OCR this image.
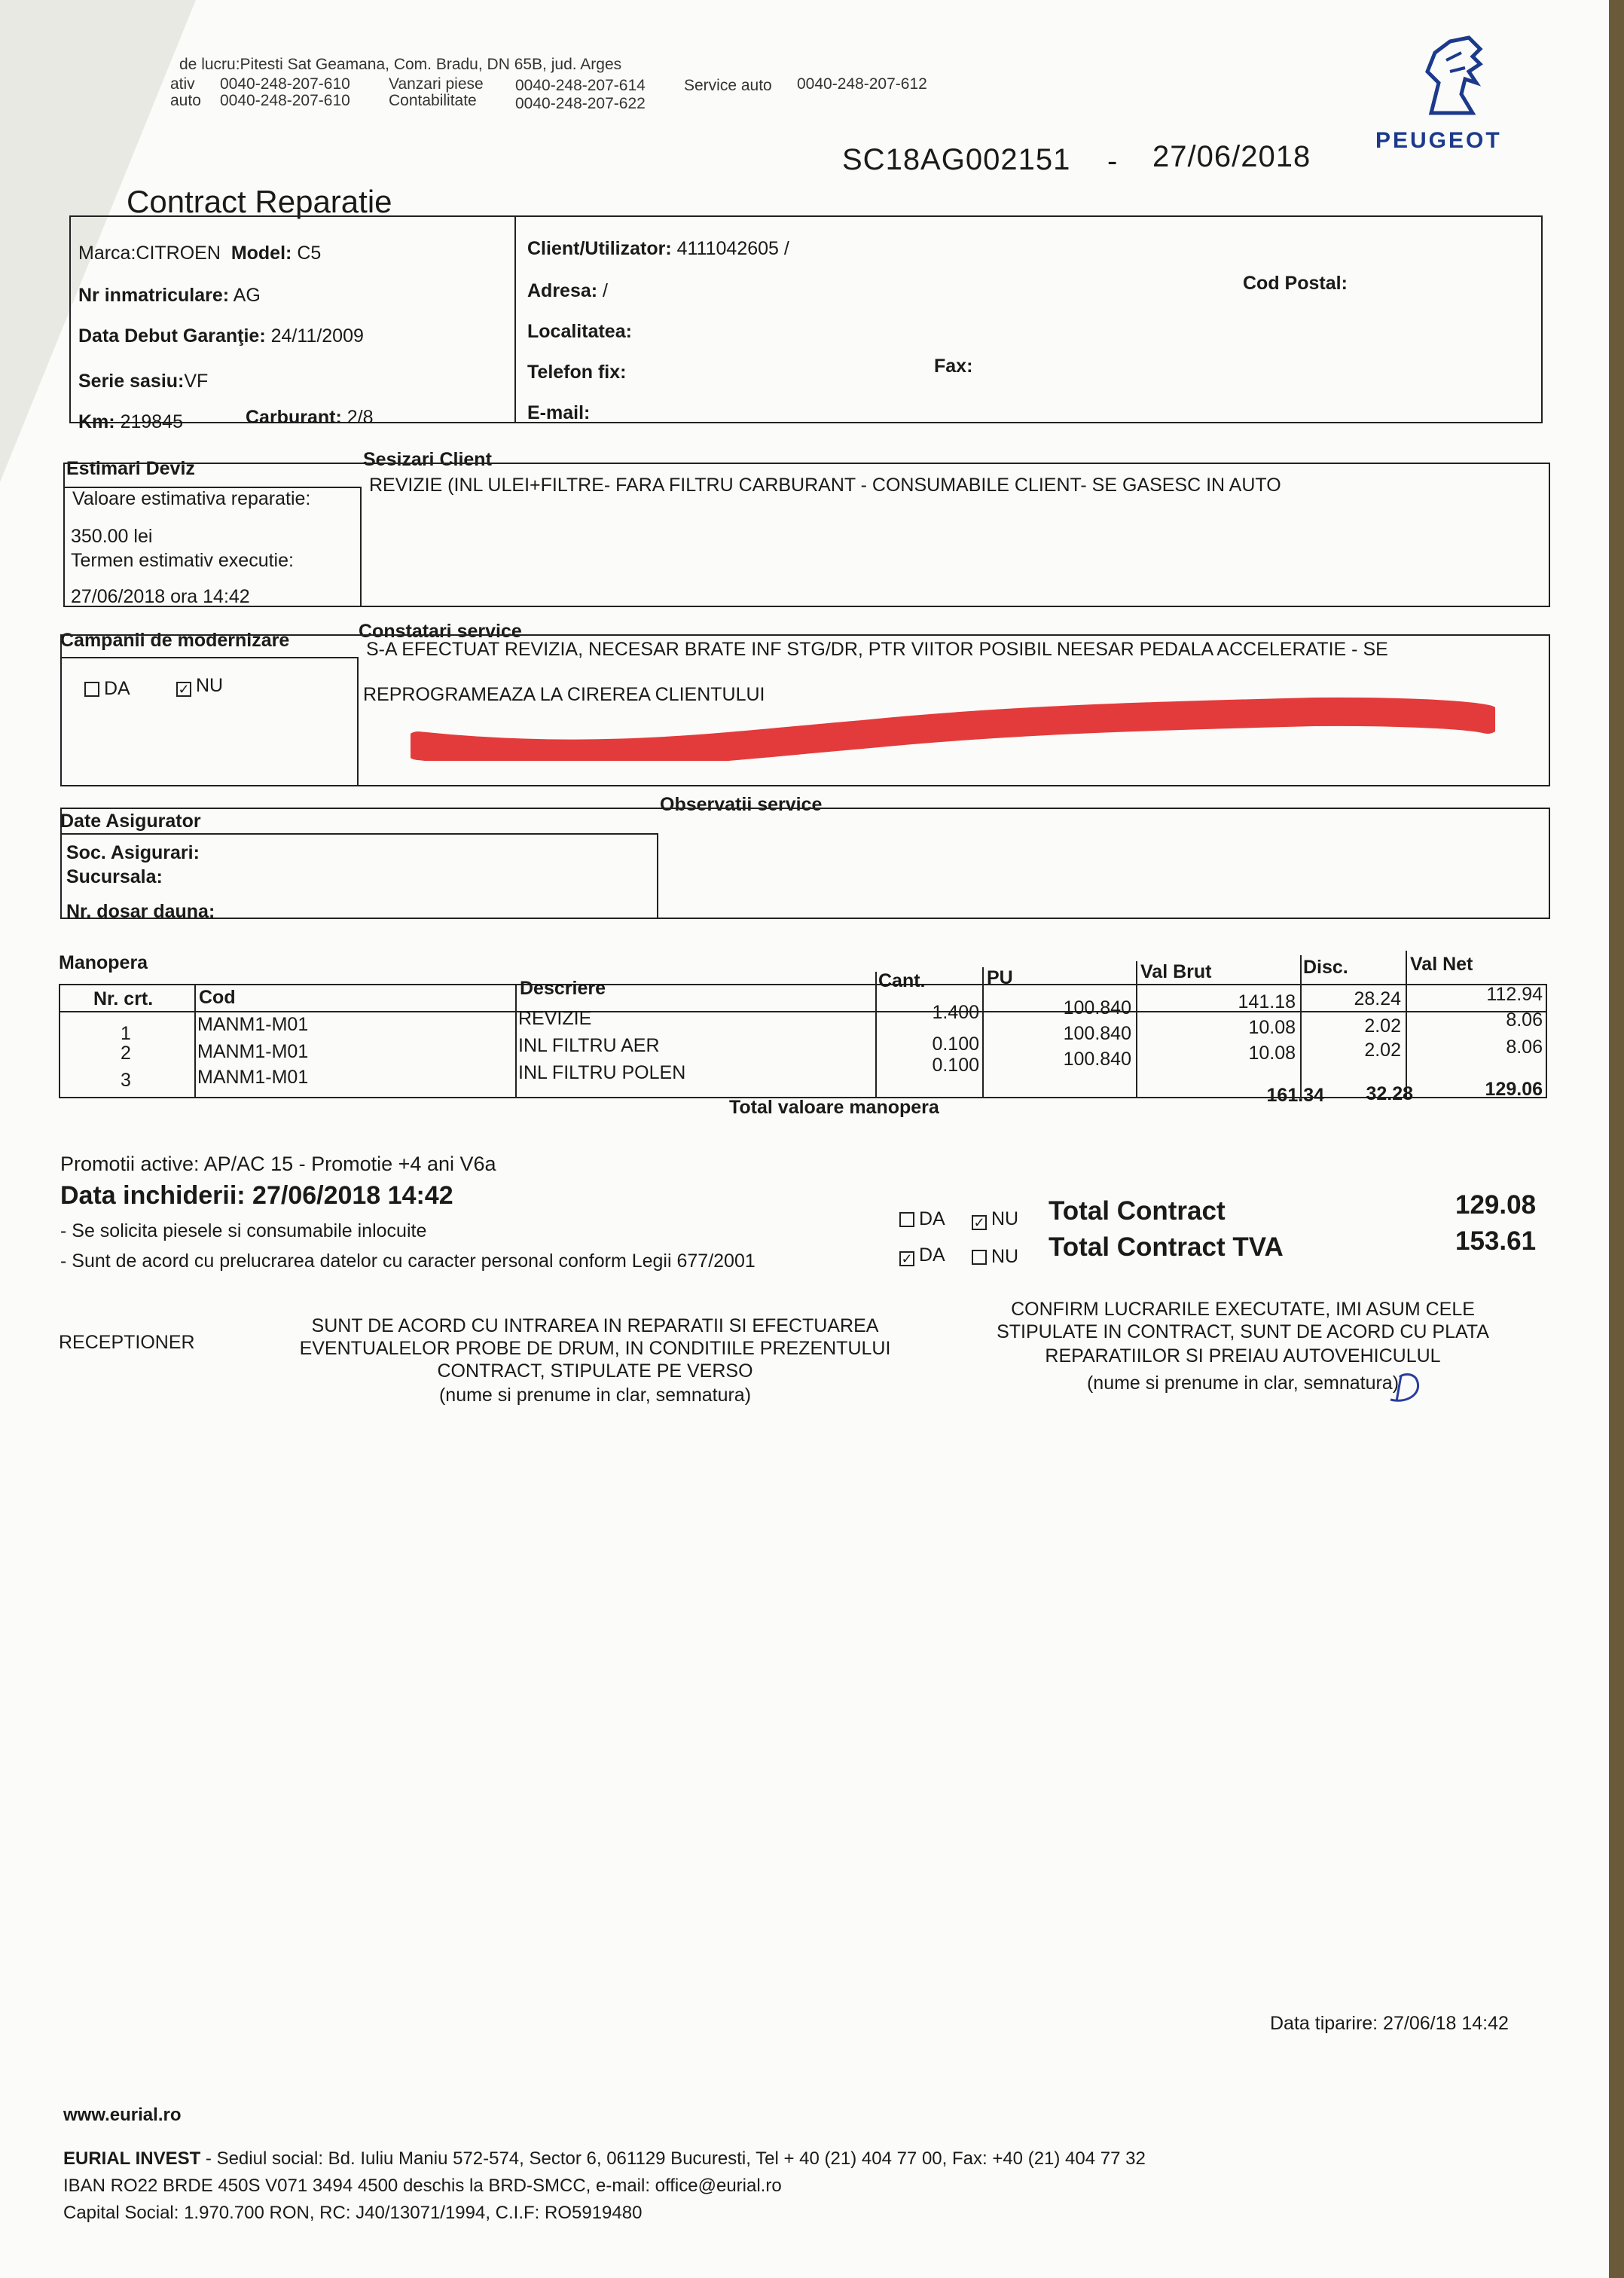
de lucru:Pitesti Sat Geamana, Com. Bradu, DN 65B, jud. Arges
ativ 0040-248-207-610
auto 0040-248-207-610
Vanzari piese 0040-248-207-614
Contabilitate 0040-248-207-622
Service auto 0040-248-207-612
SC18AG002151 - 27/06/2018	PEUGEOT
Contract Reparatie
Marca:CITROEN Model: C5
Nr inmatriculare: AG
Data Debut Garanţie: 24/11/2009
Serie sasiu:VF
Km: 219845	Carburant: 2/8
Client/Utilizator: 4111042605 /
Adresa: /	Cod Postal:
Localitatea:
Telefon fix:	Fax:
E-mail:
Estimari Deviz	Sesizari Client
Valoare estimativa reparatie:
350.00 lei
Termen estimativ executie:
27/06/2018 ora 14:42
REVIZIE (INL ULEI+FILTRE- FARA FILTRU CARBURANT - CONSUMABILE CLIENT- SE GASESC IN AUTO
Campanii de modernizare	Constatari service
DA	✓ NU
S-A EFECTUAT REVIZIA, NECESAR BRATE INF STG/DR, PTR VIITOR POSIBIL NEESAR PEDALA ACCELERATIE - SE
REPROGRAMEAZA LA CIREREA CLIENTULUI
Date Asigurator
Observatii service
Soc. Asigurari:
Sucursala:
Nr. dosar dauna:
Manopera
Nr. crt. Cod	Descriere	Cant.	PU	Val Brut	Disc.	Val Net
1	MANM1-M01	REVIZIE	1.400	100.840	141.18	28.24	112.94
2	MANM1-M01	INL FILTRU AER	0.100	100.840	10.08	2.02	8.06
3	MANM1-M01	INL FILTRU POLEN	0.100	100.840	10.08	2.02	8.06
Total valoare manopera
161.34	32.28	129.06
Promotii active: AP/AC 15 - Promotie +4 ani V6a
Data inchiderii: 27/06/2018 14:42
- Se solicita piesele si consumabile inlocuite
- Sunt de acord cu prelucrarea datelor cu caracter personal conform Legii 677/2001
DA ✓ NU
✓ DA	NU
Total Contract	129.08
Total Contract TVA	153.61
RECEPTIONER
SUNT DE ACORD CU INTRAREA IN REPARATII SI EFECTUAREA
EVENTUALELOR PROBE DE DRUM, IN CONDITIILE PREZENTULUI
CONTRACT, STIPULATE PE VERSO
(nume si prenume in clar, semnatura)
CONFIRM LUCRARILE EXECUTATE, IMI ASUM CELE
STIPULATE IN CONTRACT, SUNT DE ACORD CU PLATA
REPARATIILOR SI PREIAU AUTOVEHICULUL
(nume si prenume in clar, semnatura)
Data tiparire: 27/06/18 14:42
www.eurial.ro
EURIAL INVEST - Sediul social: Bd. Iuliu Maniu 572-574, Sector 6, 061129 Bucuresti, Tel + 40 (21) 404 77 00, Fax: +40 (21) 404 77 32
IBAN RO22 BRDE 450S V071 3494 4500 deschis la BRD-SMCC, e-mail: office@eurial.ro
Capital Social: 1.970.700 RON, RC: J40/13071/1994, C.I.F: RO5919480
